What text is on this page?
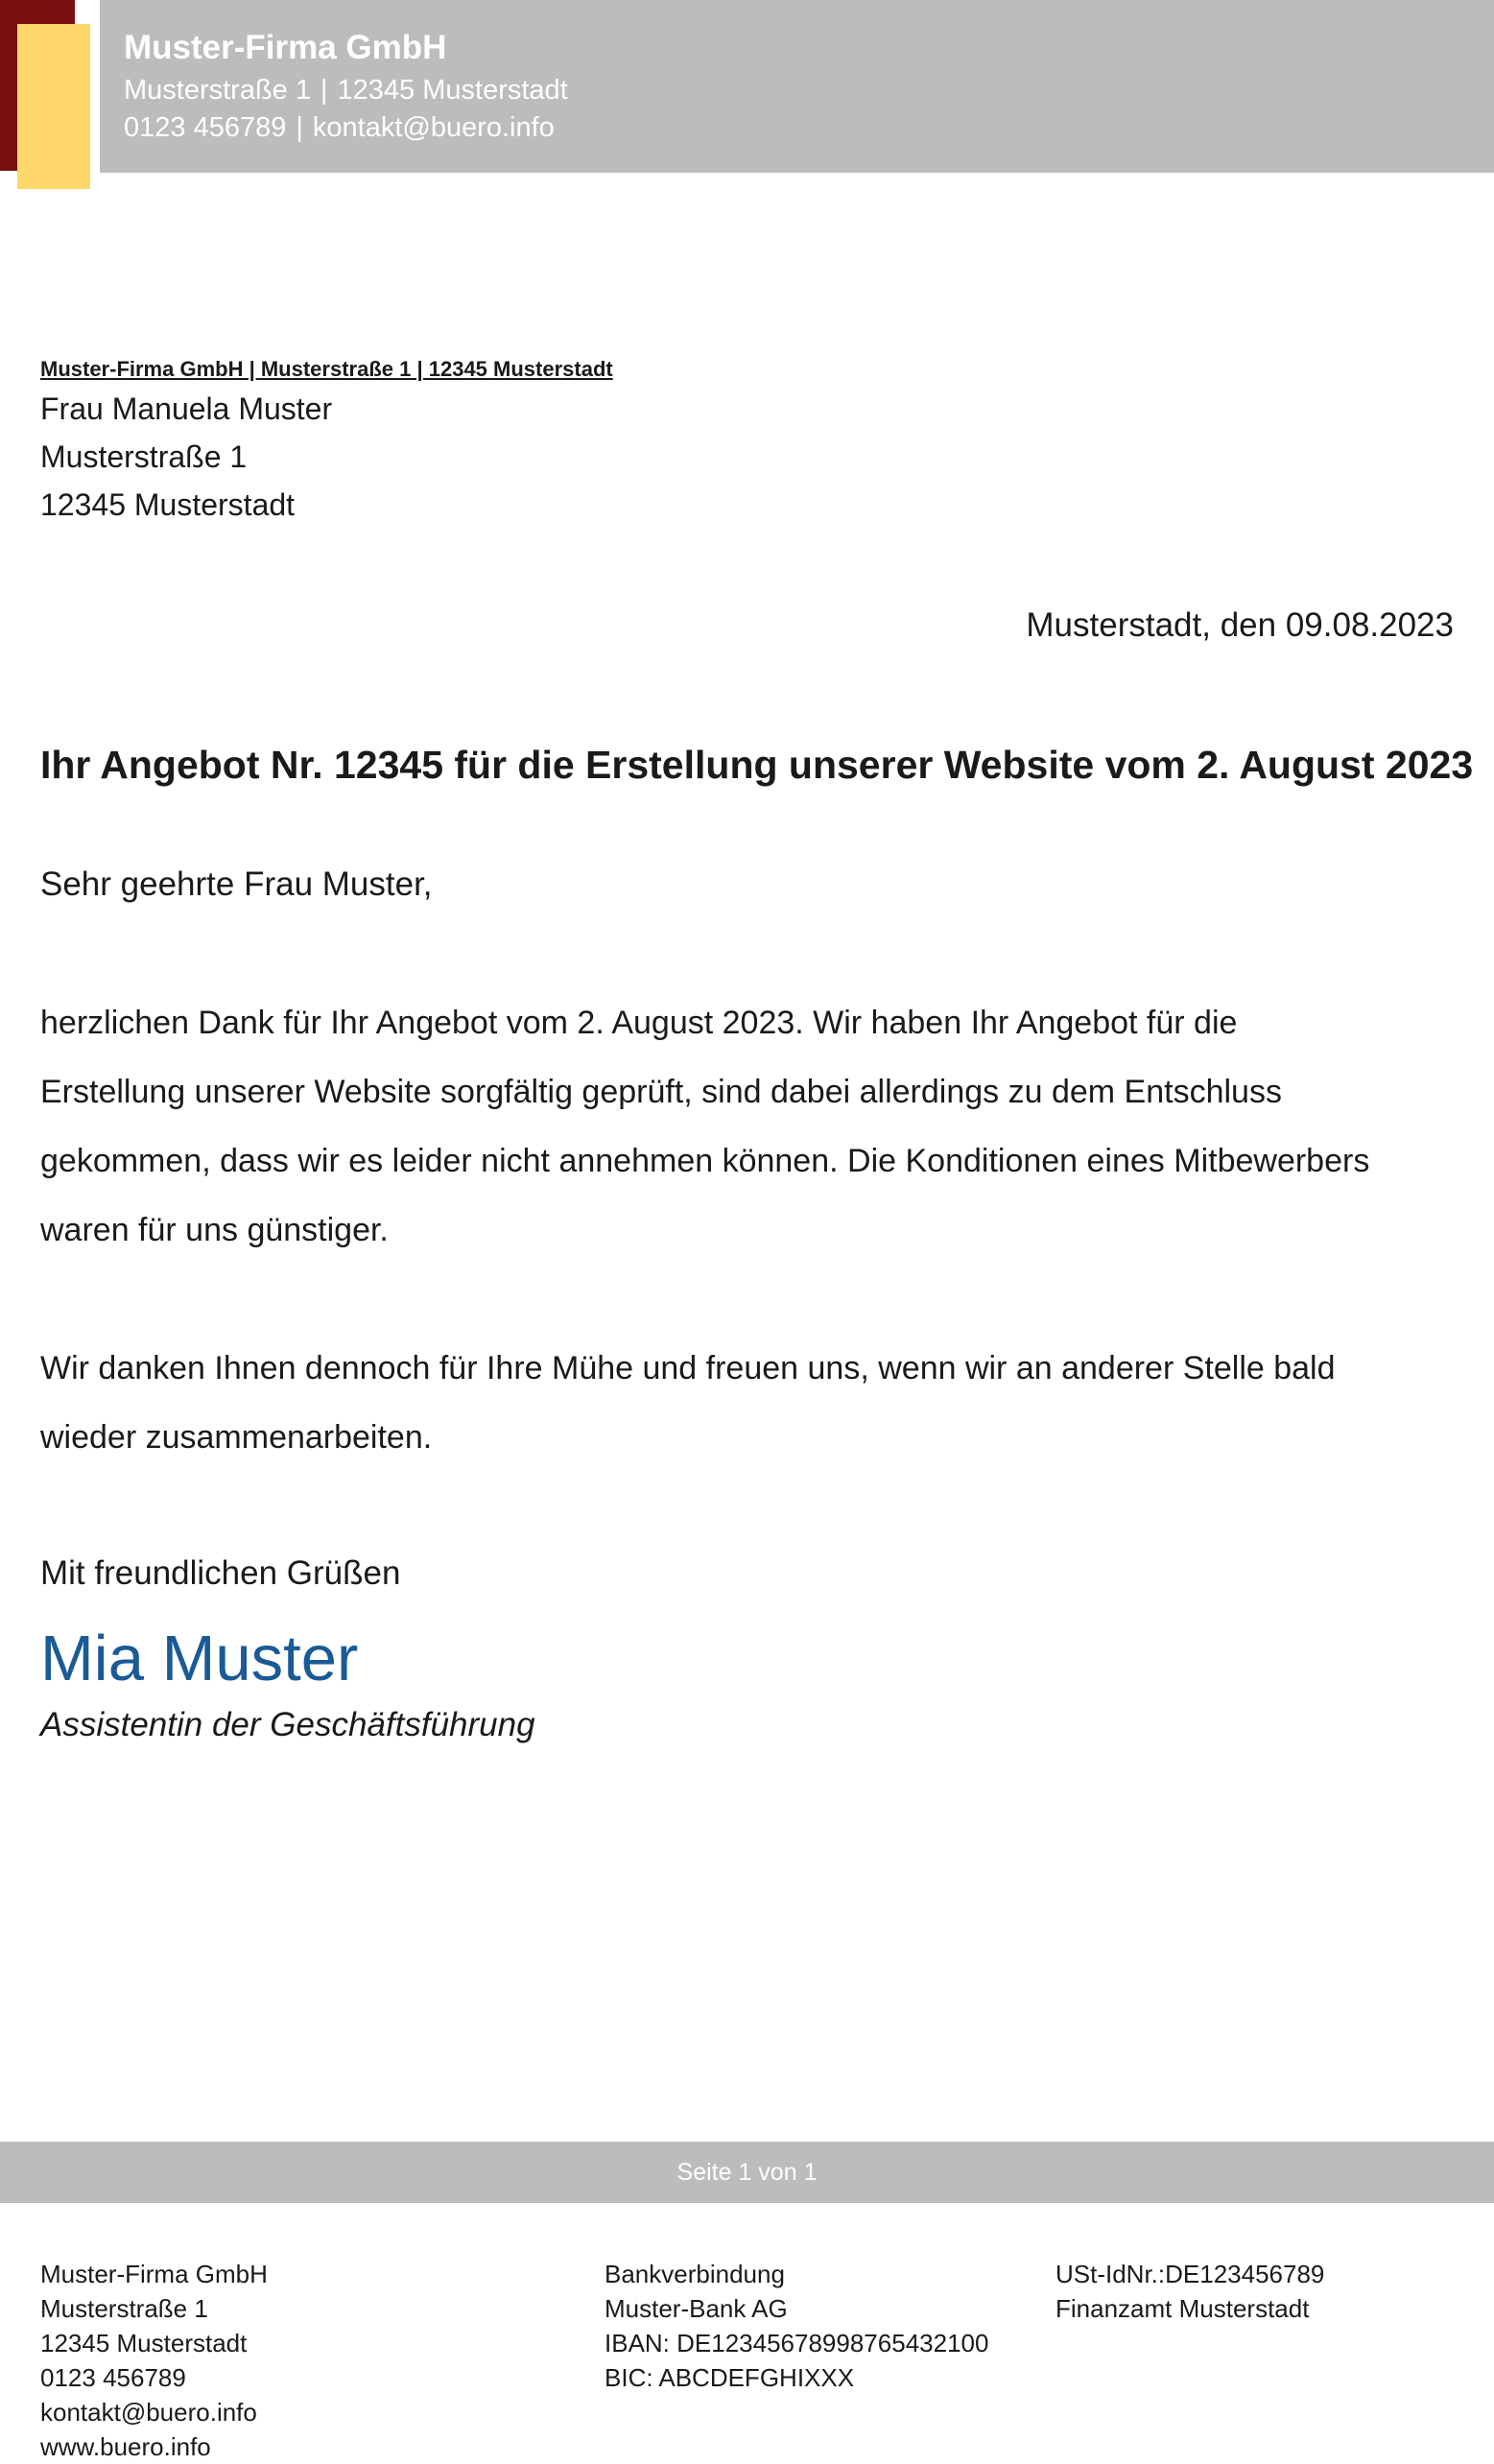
Muster-Firma GmbH
Musterstraße 1 | 12345 Musterstadt
0123 456789 | kontakt@buero.info
Muster-Firma GmbH | Musterstraße 1 | 12345 Musterstadt
Frau Manuela Muster
Musterstraße 1
12345 Musterstadt
Musterstadt, den 09.08.2023
Ihr Angebot Nr. 12345 für die Erstellung unserer Website vom 2. August 2023
Sehr geehrte Frau Muster,
herzlichen Dank für Ihr Angebot vom 2. August 2023. Wir haben Ihr Angebot für die
Erstellung unserer Website sorgfältig geprüft, sind dabei allerdings zu dem Entschluss
gekommen, dass wir es leider nicht annehmen können. Die Konditionen eines Mitbewerbers
waren für uns günstiger.
Wir danken Ihnen dennoch für Ihre Mühe und freuen uns, wenn wir an anderer Stelle bald
wieder zusammenarbeiten.
Mit freundlichen Grüßen
Mia Muster
Assistentin der Geschäftsführung
Seite 1 von 1
Muster-Firma GmbH
Musterstraße 1
12345 Musterstadt
0123 456789
kontakt@buero.info
www.buero.info
Bankverbindung
Muster-Bank AG
IBAN: DE12345678998765432100
BIC: ABCDEFGHIXXX
USt-IdNr.:DE123456789
Finanzamt Musterstadt
